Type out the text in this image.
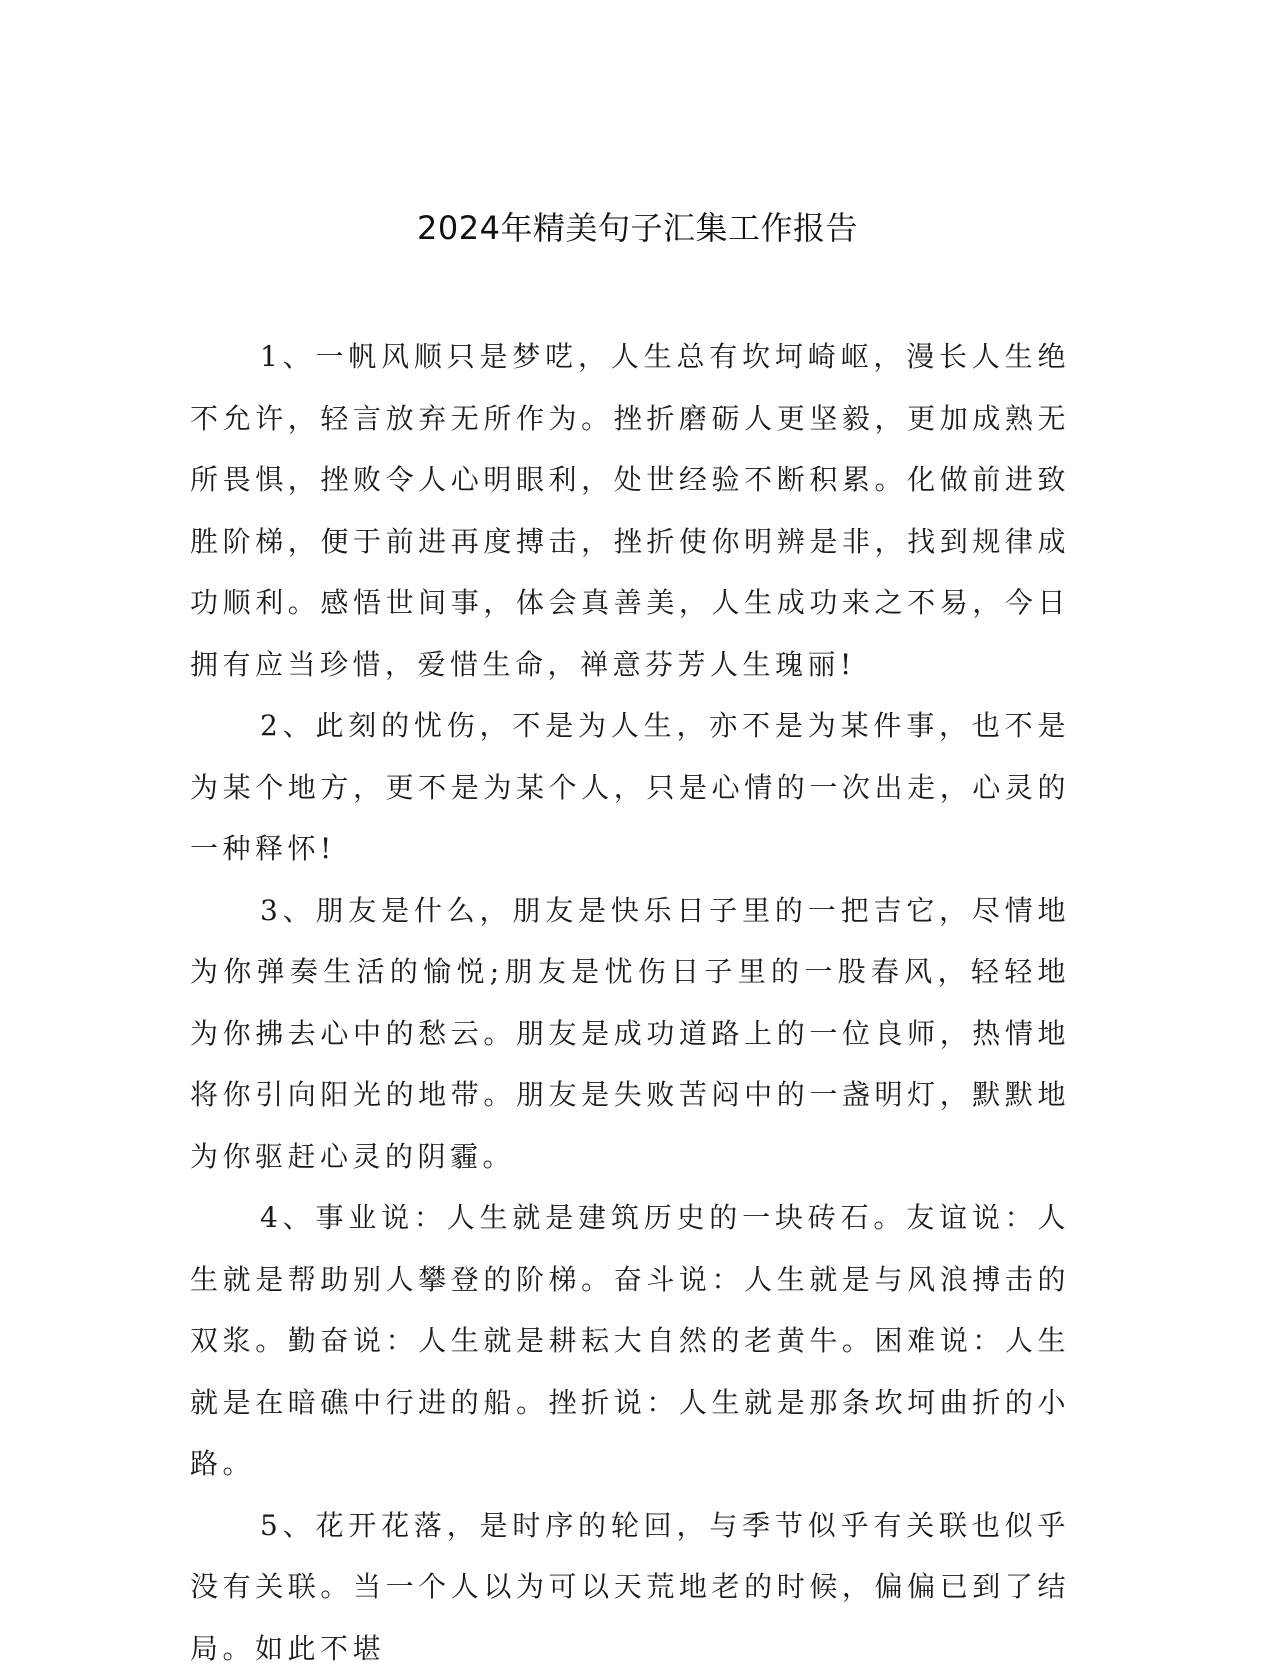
2024年精美句子汇集工作报告

1、一帆风顺只是梦呓，人生总有坎坷崎岖，漫长人生绝不允许，轻言放弃无所作为。挫折磨砺人更坚毅，更加成熟无所畏惧，挫败令人心明眼利，处世经验不断积累。化做前进致胜阶梯，便于前进再度搏击，挫折使你明辨是非，找到规律成功顺利。感悟世间事，体会真善美，人生成功来之不易，今日拥有应当珍惜，爱惜生命，禅意芬芳人生瑰丽!

2、此刻的忧伤，不是为人生，亦不是为某件事，也不是为某个地方，更不是为某个人，只是心情的一次出走，心灵的一种释怀!

3、朋友是什么，朋友是快乐日子里的一把吉它，尽情地为你弹奏生活的愉悦;朋友是忧伤日子里的一股春风，轻轻地为你拂去心中的愁云。朋友是成功道路上的一位良师，热情地将你引向阳光的地带。朋友是失败苦闷中的一盏明灯，默默地为你驱赶心灵的阴霾。

4、事业说：人生就是建筑历史的一块砖石。友谊说：人生就是帮助别人攀登的阶梯。奋斗说：人生就是与风浪搏击的双浆。勤奋说：人生就是耕耘大自然的老黄牛。困难说：人生就是在暗礁中行进的船。挫折说：人生就是那条坎坷曲折的小路。

5、花开花落，是时序的轮回，与季节似乎有关联也似乎没有关联。当一个人以为可以天荒地老的时候，偏偏已到了结局。如此不堪
